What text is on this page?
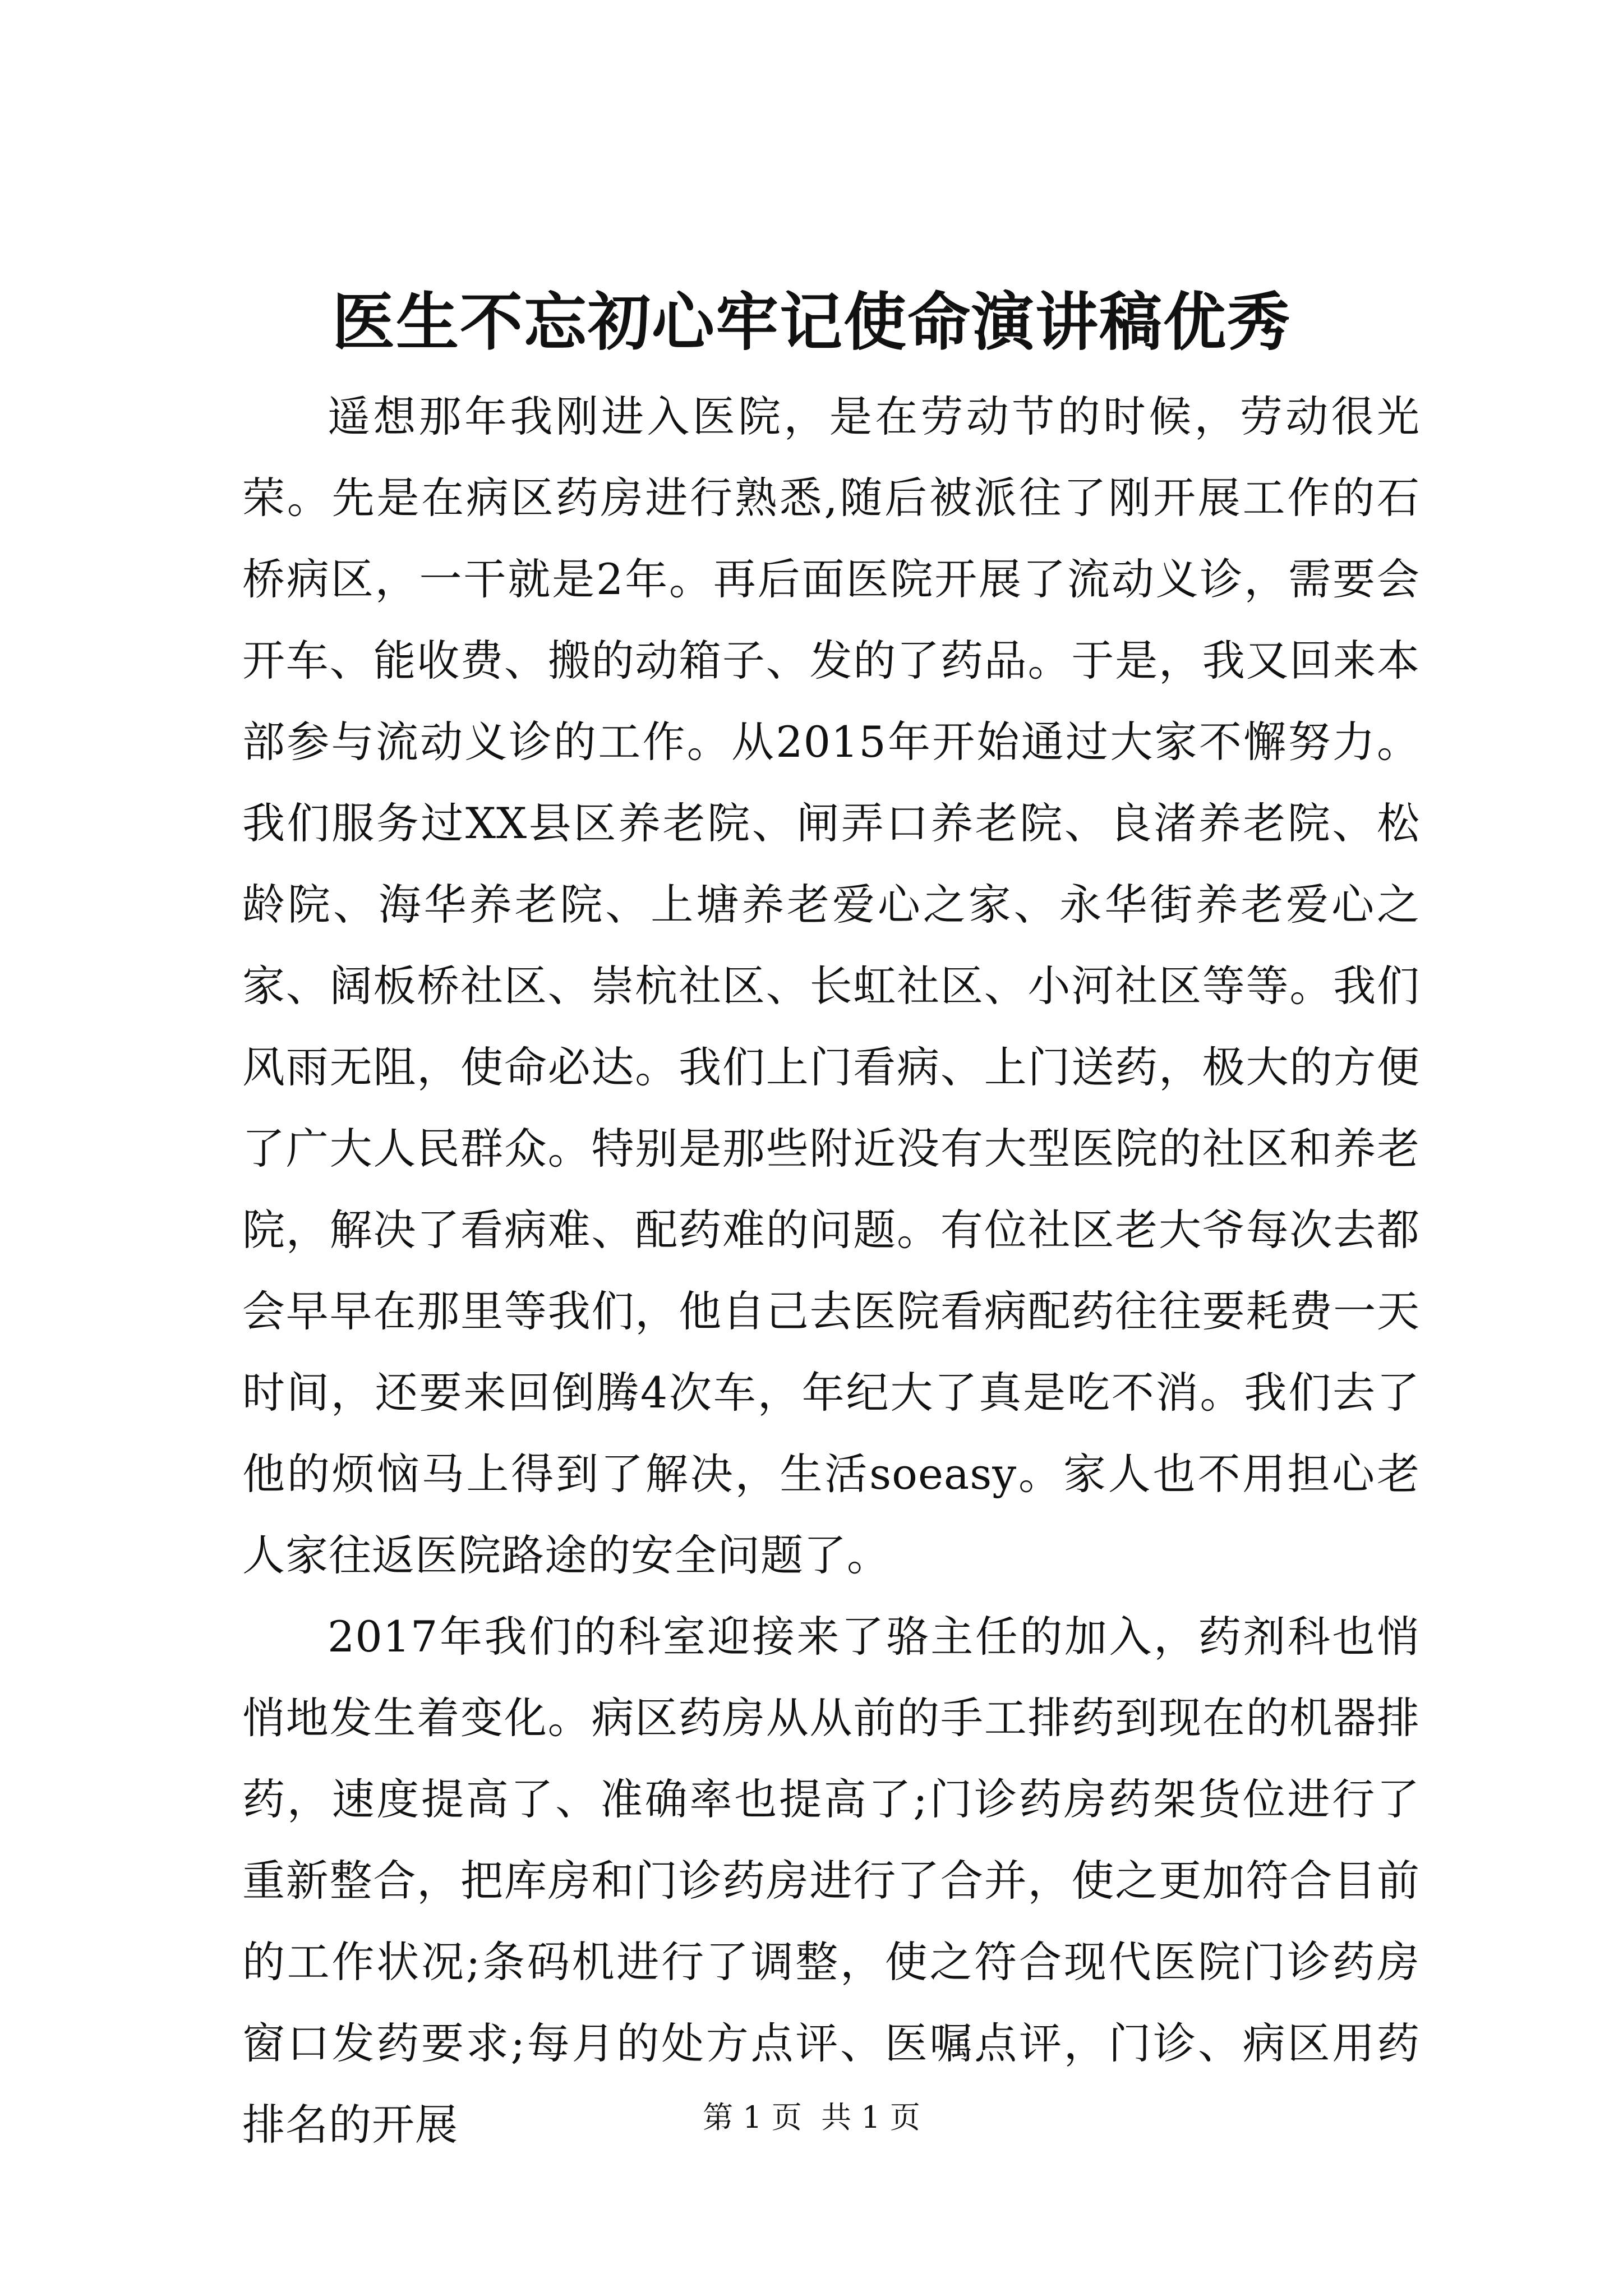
医生不忘初心牢记使命演讲稿优秀

遥想那年我刚进入医院，是在劳动节的时候，劳动很光荣。先是在病区药房进行熟悉,随后被派往了刚开展工作的石桥病区，一干就是2年。再后面医院开展了流动义诊，需要会开车、能收费、搬的动箱子、发的了药品。于是，我又回来本部参与流动义诊的工作。从2015年开始通过大家不懈努力。我们服务过XX县区养老院、闸弄口养老院、良渚养老院、松龄院、海华养老院、上塘养老爱心之家、永华街养老爱心之家、阔板桥社区、崇杭社区、长虹社区、小河社区等等。我们风雨无阻，使命必达。我们上门看病、上门送药，极大的方便了广大人民群众。特别是那些附近没有大型医院的社区和养老院，解决了看病难、配药难的问题。有位社区老大爷每次去都会早早在那里等我们，他自己去医院看病配药往往要耗费一天时间，还要来回倒腾4次车，年纪大了真是吃不消。我们去了他的烦恼马上得到了解决，生活soeasy。家人也不用担心老人家往返医院路途的安全问题了。

2017年我们的科室迎接来了骆主任的加入，药剂科也悄悄地发生着变化。病区药房从从前的手工排药到现在的机器排药，速度提高了、准确率也提高了;门诊药房药架货位进行了重新整合，把库房和门诊药房进行了合并，使之更加符合目前的工作状况;条码机进行了调整，使之符合现代医院门诊药房窗口发药要求;每月的处方点评、医嘱点评，门诊、病区用药排名的开展	第 1 页  共 1 页
